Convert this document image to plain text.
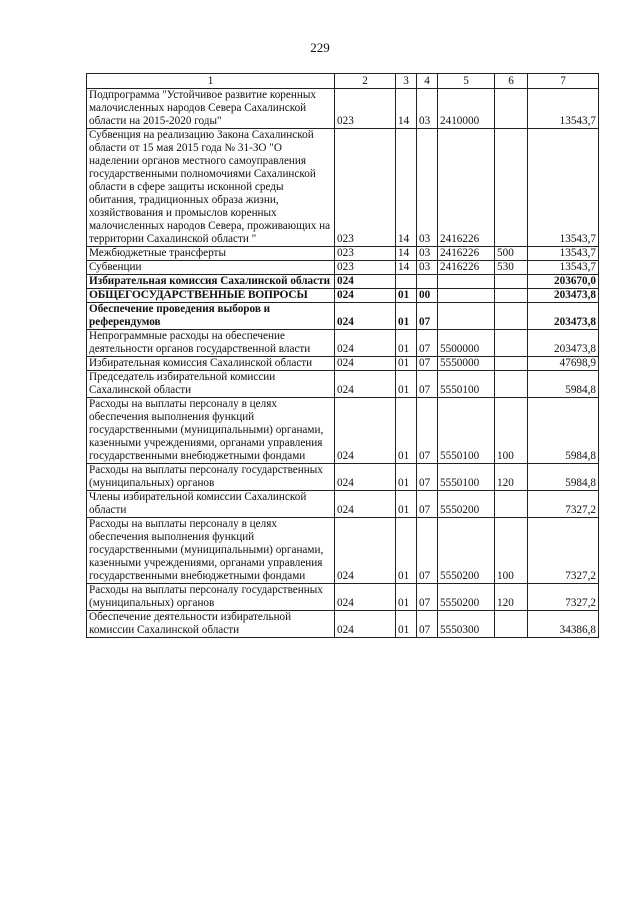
229
1	2	3	4	5	6	7
Подпрограмма "Устойчивое развитие коренных малочисленных народов Севера Сахалинской области на 2015-2020 годы"	023	14	03	2410000		13543,7
Субвенция на реализацию Закона Сахалинской области от 15 мая 2015 года № 31-ЗО "О наделении органов местного самоуправления государственными полномочиями Сахалинской области в сфере защиты исконной среды обитания, традиционных образа жизни, хозяйствования и промыслов коренных малочисленных народов Севера, проживающих на территории Сахалинской области "	023	14	03	2416226		13543,7
Межбюджетные трансферты	023	14	03	2416226	500	13543,7
Субвенции	023	14	03	2416226	530	13543,7
Избирательная комиссия Сахалинской области	024					203670,0
ОБЩЕГОСУДАРСТВЕННЫЕ ВОПРОСЫ	024	01	00			203473,8
Обеспечение проведения выборов и референдумов	024	01	07			203473,8
Непрограммные расходы на обеспечение деятельности органов государственной власти	024	01	07	5500000		203473,8
Избирательная комиссия Сахалинской области	024	01	07	5550000		47698,9
Председатель избирательной комиссии Сахалинской области	024	01	07	5550100		5984,8
Расходы на выплаты персоналу в целях обеспечения выполнения функций государственными (муниципальными) органами, казенными учреждениями, органами управления государственными внебюджетными фондами	024	01	07	5550100	100	5984,8
Расходы на выплаты персоналу государственных (муниципальных) органов	024	01	07	5550100	120	5984,8
Члены избирательной комиссии Сахалинской области	024	01	07	5550200		7327,2
Расходы на выплаты персоналу в целях обеспечения выполнения функций государственными (муниципальными) органами, казенными учреждениями, органами управления государственными внебюджетными фондами	024	01	07	5550200	100	7327,2
Расходы на выплаты персоналу государственных (муниципальных) органов	024	01	07	5550200	120	7327,2
Обеспечение деятельности избирательной комиссии Сахалинской области	024	01	07	5550300		34386,8
